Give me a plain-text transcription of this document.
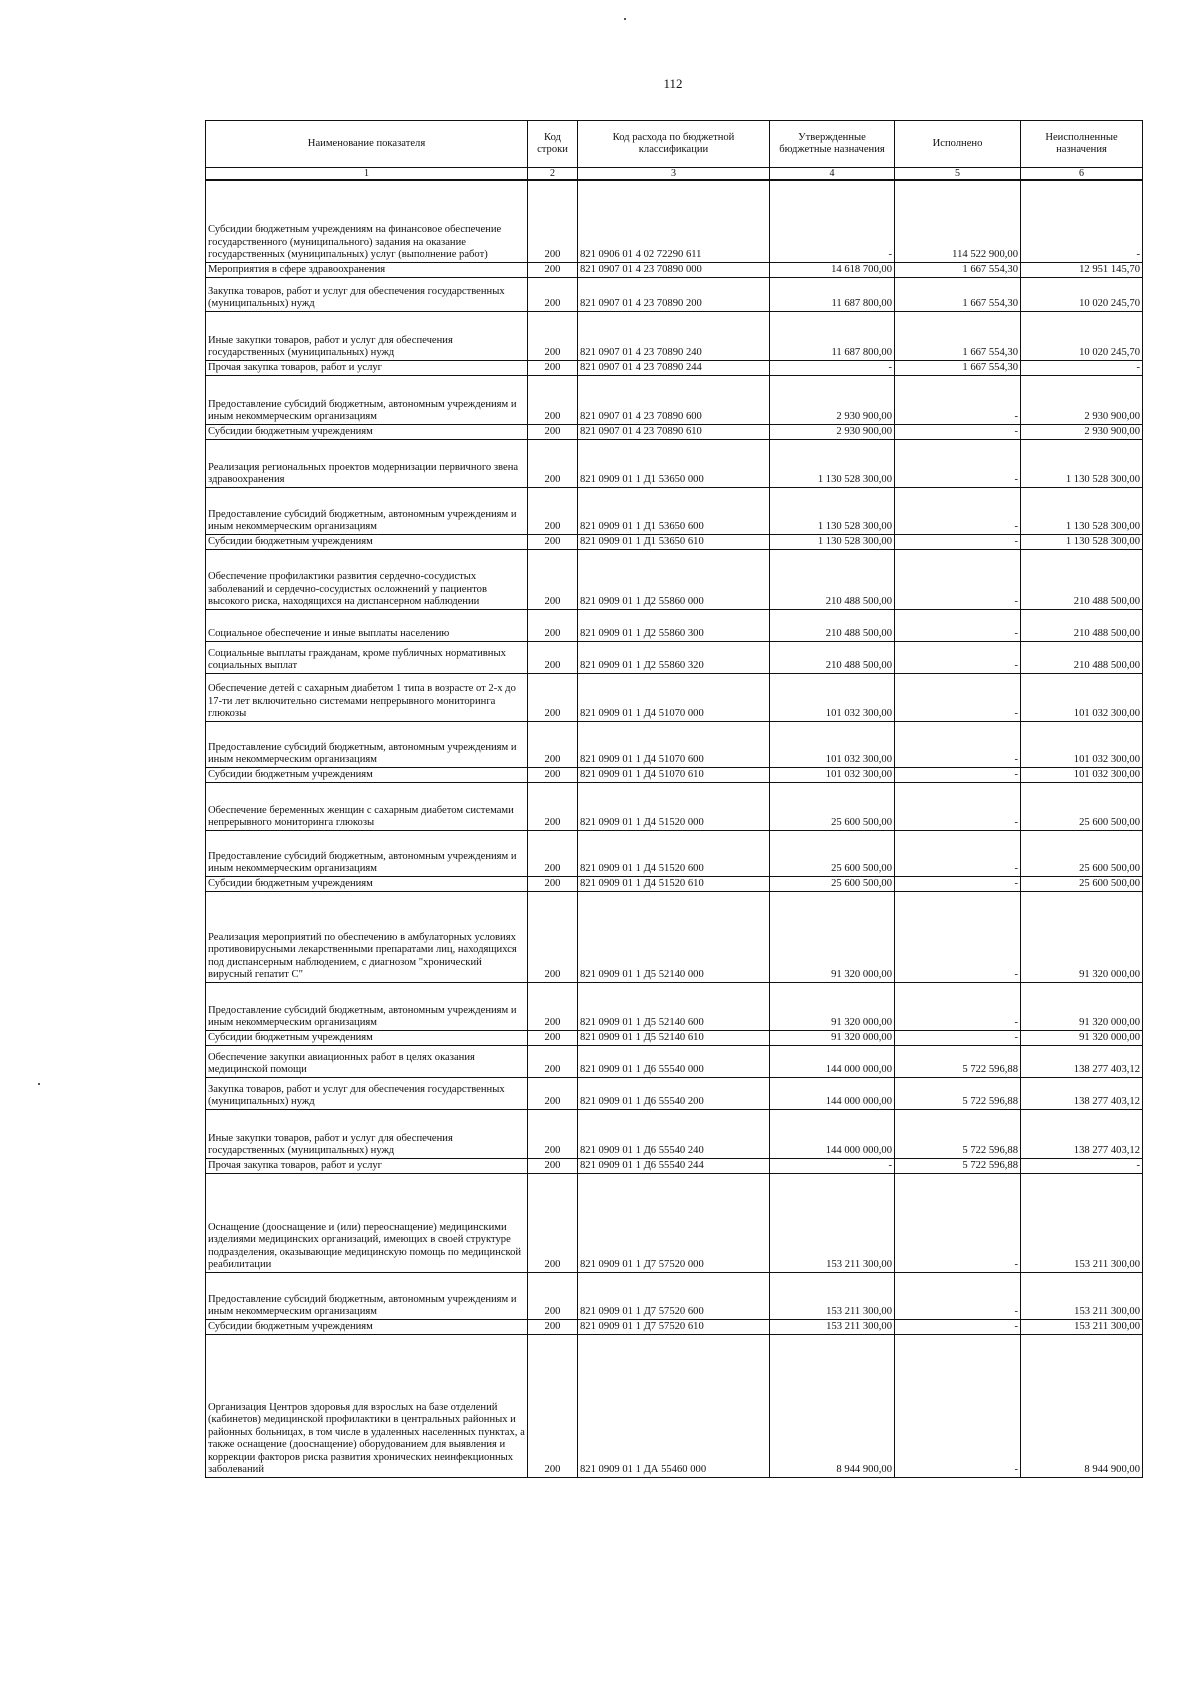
112
Наименование показателя	Код строки	Код расхода по бюджетной классификации	Утвержденные бюджетные назначения	Исполнено	Неисполненные назначения
1	2	3	4	5	6
Субсидии бюджетным учреждениям на финансовое обеспечение государственного (муниципального) задания на оказание государственных (муниципальных) услуг (выполнение работ)	200	821 0906 01 4 02 72290 611	-	114 522 900,00	-
Мероприятия в сфере здравоохранения	200	821 0907 01 4 23 70890 000	14 618 700,00	1 667 554,30	12 951 145,70
Закупка товаров, работ и услуг для обеспечения государственных (муниципальных) нужд	200	821 0907 01 4 23 70890 200	11 687 800,00	1 667 554,30	10 020 245,70
Иные закупки товаров, работ и услуг для обеспечения государственных (муниципальных) нужд	200	821 0907 01 4 23 70890 240	11 687 800,00	1 667 554,30	10 020 245,70
Прочая закупка товаров, работ и услуг	200	821 0907 01 4 23 70890 244	-	1 667 554,30	-
Предоставление субсидий бюджетным, автономным учреждениям и иным некоммерческим организациям	200	821 0907 01 4 23 70890 600	2 930 900,00	-	2 930 900,00
Субсидии бюджетным учреждениям	200	821 0907 01 4 23 70890 610	2 930 900,00	-	2 930 900,00
Реализация региональных проектов модернизации первичного звена здравоохранения	200	821 0909 01 1 Д1 53650 000	1 130 528 300,00	-	1 130 528 300,00
Предоставление субсидий бюджетным, автономным учреждениям и иным некоммерческим организациям	200	821 0909 01 1 Д1 53650 600	1 130 528 300,00	-	1 130 528 300,00
Субсидии бюджетным учреждениям	200	821 0909 01 1 Д1 53650 610	1 130 528 300,00	-	1 130 528 300,00
Обеспечение профилактики развития сердечно-сосудистых заболеваний и сердечно-сосудистых осложнений у пациентов высокого риска, находящихся на диспансерном наблюдении	200	821 0909 01 1 Д2 55860 000	210 488 500,00	-	210 488 500,00
Социальное обеспечение и иные выплаты населению	200	821 0909 01 1 Д2 55860 300	210 488 500,00	-	210 488 500,00
Социальные выплаты гражданам, кроме публичных нормативных социальных выплат	200	821 0909 01 1 Д2 55860 320	210 488 500,00	-	210 488 500,00
Обеспечение детей с сахарным диабетом 1 типа в возрасте от 2-х до 17-ти лет включительно системами непрерывного мониторинга глюкозы	200	821 0909 01 1 Д4 51070 000	101 032 300,00	-	101 032 300,00
Предоставление субсидий бюджетным, автономным учреждениям и иным некоммерческим организациям	200	821 0909 01 1 Д4 51070 600	101 032 300,00	-	101 032 300,00
Субсидии бюджетным учреждениям	200	821 0909 01 1 Д4 51070 610	101 032 300,00	-	101 032 300,00
Обеспечение беременных женщин с сахарным диабетом системами непрерывного мониторинга глюкозы	200	821 0909 01 1 Д4 51520 000	25 600 500,00	-	25 600 500,00
Предоставление субсидий бюджетным, автономным учреждениям и иным некоммерческим организациям	200	821 0909 01 1 Д4 51520 600	25 600 500,00	-	25 600 500,00
Субсидии бюджетным учреждениям	200	821 0909 01 1 Д4 51520 610	25 600 500,00	-	25 600 500,00
Реализация мероприятий по обеспечению в амбулаторных условиях противовирусными лекарственными препаратами лиц, находящихся под диспансерным наблюдением, с диагнозом "хронический вирусный гепатит С"	200	821 0909 01 1 Д5 52140 000	91 320 000,00	-	91 320 000,00
Предоставление субсидий бюджетным, автономным учреждениям и иным некоммерческим организациям	200	821 0909 01 1 Д5 52140 600	91 320 000,00	-	91 320 000,00
Субсидии бюджетным учреждениям	200	821 0909 01 1 Д5 52140 610	91 320 000,00	-	91 320 000,00
Обеспечение закупки авиационных работ в целях оказания медицинской помощи	200	821 0909 01 1 Д6 55540 000	144 000 000,00	5 722 596,88	138 277 403,12
Закупка товаров, работ и услуг для обеспечения государственных (муниципальных) нужд	200	821 0909 01 1 Д6 55540 200	144 000 000,00	5 722 596,88	138 277 403,12
Иные закупки товаров, работ и услуг для обеспечения государственных (муниципальных) нужд	200	821 0909 01 1 Д6 55540 240	144 000 000,00	5 722 596,88	138 277 403,12
Прочая закупка товаров, работ и услуг	200	821 0909 01 1 Д6 55540 244	-	5 722 596,88	-
Оснащение (дооснащение и (или) переоснащение) медицинскими изделиями медицинских организаций, имеющих в своей структуре подразделения, оказывающие медицинскую помощь по медицинской реабилитации	200	821 0909 01 1 Д7 57520 000	153 211 300,00	-	153 211 300,00
Предоставление субсидий бюджетным, автономным учреждениям и иным некоммерческим организациям	200	821 0909 01 1 Д7 57520 600	153 211 300,00	-	153 211 300,00
Субсидии бюджетным учреждениям	200	821 0909 01 1 Д7 57520 610	153 211 300,00	-	153 211 300,00
Организация Центров здоровья для взрослых на базе отделений (кабинетов) медицинской профилактики в центральных районных и районных больницах, в том числе в удаленных населенных пунктах, а также оснащение (дооснащение) оборудованием для выявления и коррекции факторов риска развития хронических неинфекционных заболеваний	200	821 0909 01 1 ДА 55460 000	8 944 900,00	-	8 944 900,00
